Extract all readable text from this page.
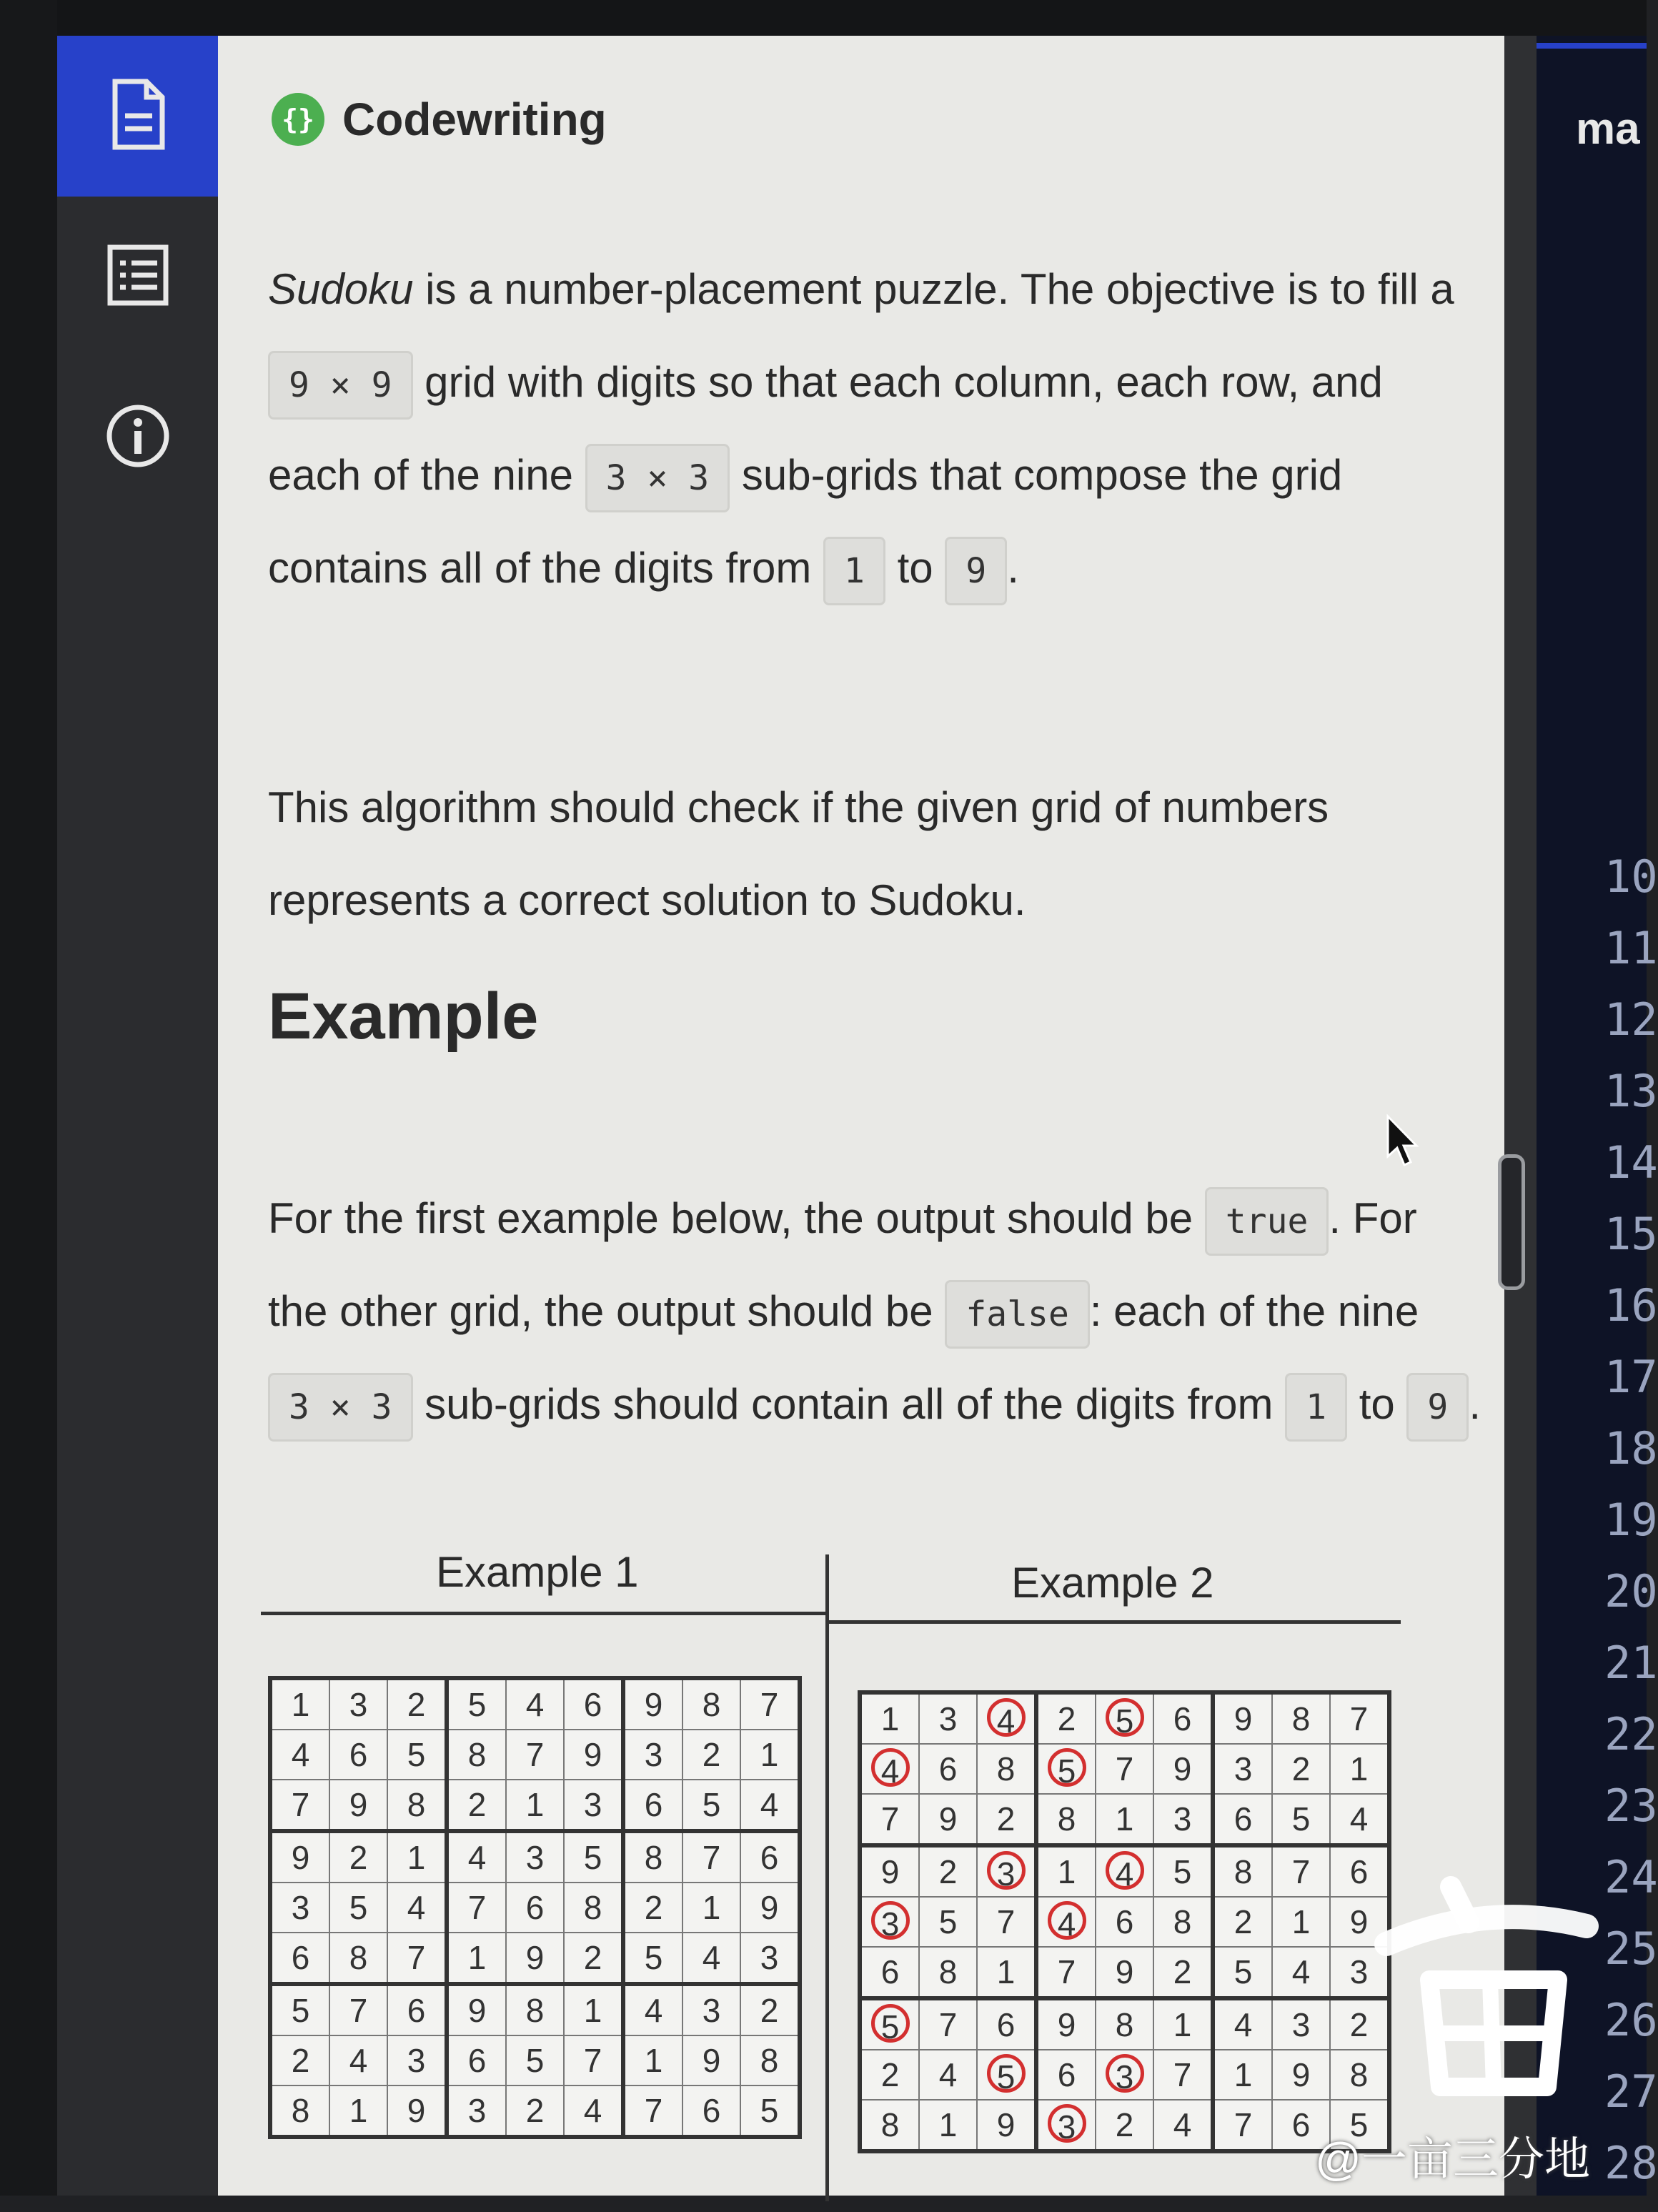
{} Codewriting
Sudoku is a number-placement puzzle. The objective is to fill a 9 × 9 grid with digits so that each column, each row, and each of the nine 3 × 3 sub-grids that compose the grid contains all of the digits from 1 to 9 .
This algorithm should check if the given grid of numbers represents a correct solution to Sudoku.
Example
For the first example below, the output should be true . For the other grid, the output should be false : each of the nine 3 × 3 sub-grids should contain all of the digits from 1 to 9 .
Example 1	Example 2
1	3	2	5	4	6	9	8	7
4	6	5	8	7	9	3	2	1
7	9	8	2	1	3	6	5	4
9	2	1	4	3	5	8	7	6
3	5	4	7	6	8	2	1	9
6	8	7	1	9	2	5	4	3
5	7	6	9	8	1	4	3	2
2	4	3	6	5	7	1	9	8
8	1	9	3	2	4	7	6	5
1	3	4	2	5	6	9	8	7
4	6	8	5	7	9	3	2	1
7	9	2	8	1	3	6	5	4
9	2	3	1	4	5	8	7	6
3	5	7	4	6	8	2	1	9
6	8	1	7	9	2	5	4	3
5	7	6	9	8	1	4	3	2
2	4	5	6	3	7	1	9	8
8	1	9	3	2	4	7	6	5
ma
10
11
12
13
14
15
16
17
18
19
20
21
22
23
24
25
26
27
28
@一亩三分地
